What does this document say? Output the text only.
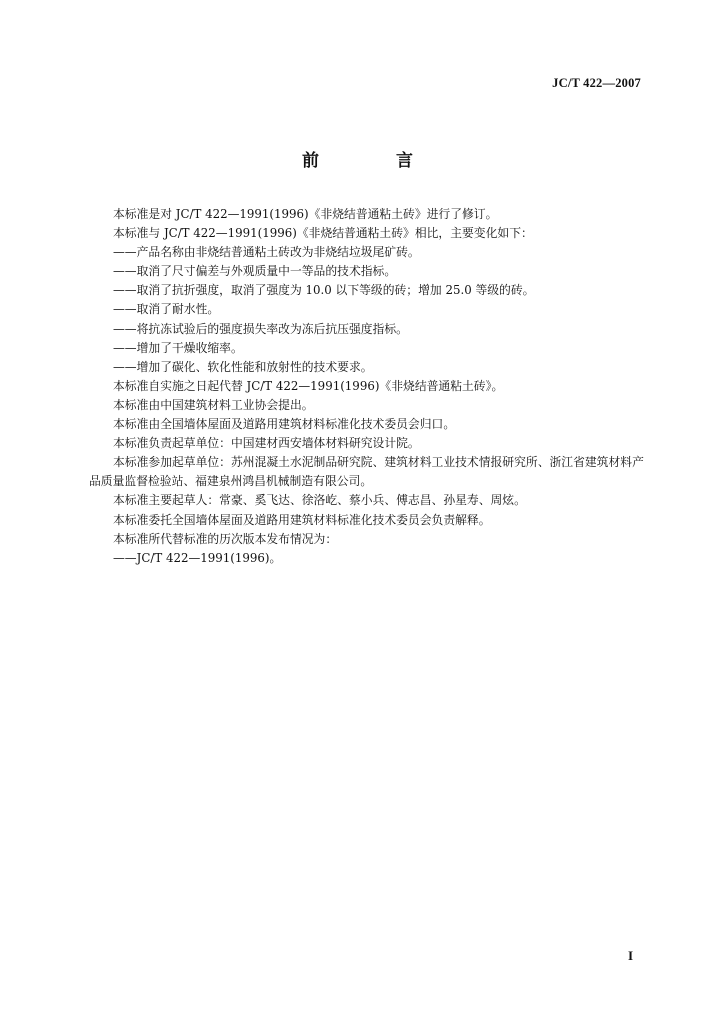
JC/T 422—2007
前　言

本标准是对 JC/T 422—1991(1996)《非烧结普通粘土砖》进行了修订。

本标准与 JC/T 422—1991(1996)《非烧结普通粘土砖》相比，主要变化如下：

——产品名称由非烧结普通粘土砖改为非烧结垃圾尾矿砖。

——取消了尺寸偏差与外观质量中一等品的技术指标。

——取消了抗折强度，取消了强度为 10.0 以下等级的砖；增加 25.0 等级的砖。

——取消了耐水性。

——将抗冻试验后的强度损失率改为冻后抗压强度指标。

——增加了干燥收缩率。

——增加了碳化、软化性能和放射性的技术要求。

本标准自实施之日起代替 JC/T 422—1991(1996)《非烧结普通粘土砖》。

本标准由中国建筑材料工业协会提出。

本标准由全国墙体屋面及道路用建筑材料标准化技术委员会归口。

本标准负责起草单位：中国建材西安墙体材料研究设计院。

本标准参加起草单位：苏州混凝土水泥制品研究院、建筑材料工业技术情报研究所、浙江省建筑材料产品质量监督检验站、福建泉州鸿昌机械制造有限公司。

本标准主要起草人：常豪、奚飞达、徐洛屹、蔡小兵、傅志昌、孙星寿、周炫。

本标准委托全国墙体屋面及道路用建筑材料标准化技术委员会负责解释。

本标准所代替标准的历次版本发布情况为：

——JC/T 422—1991(1996)。

I
